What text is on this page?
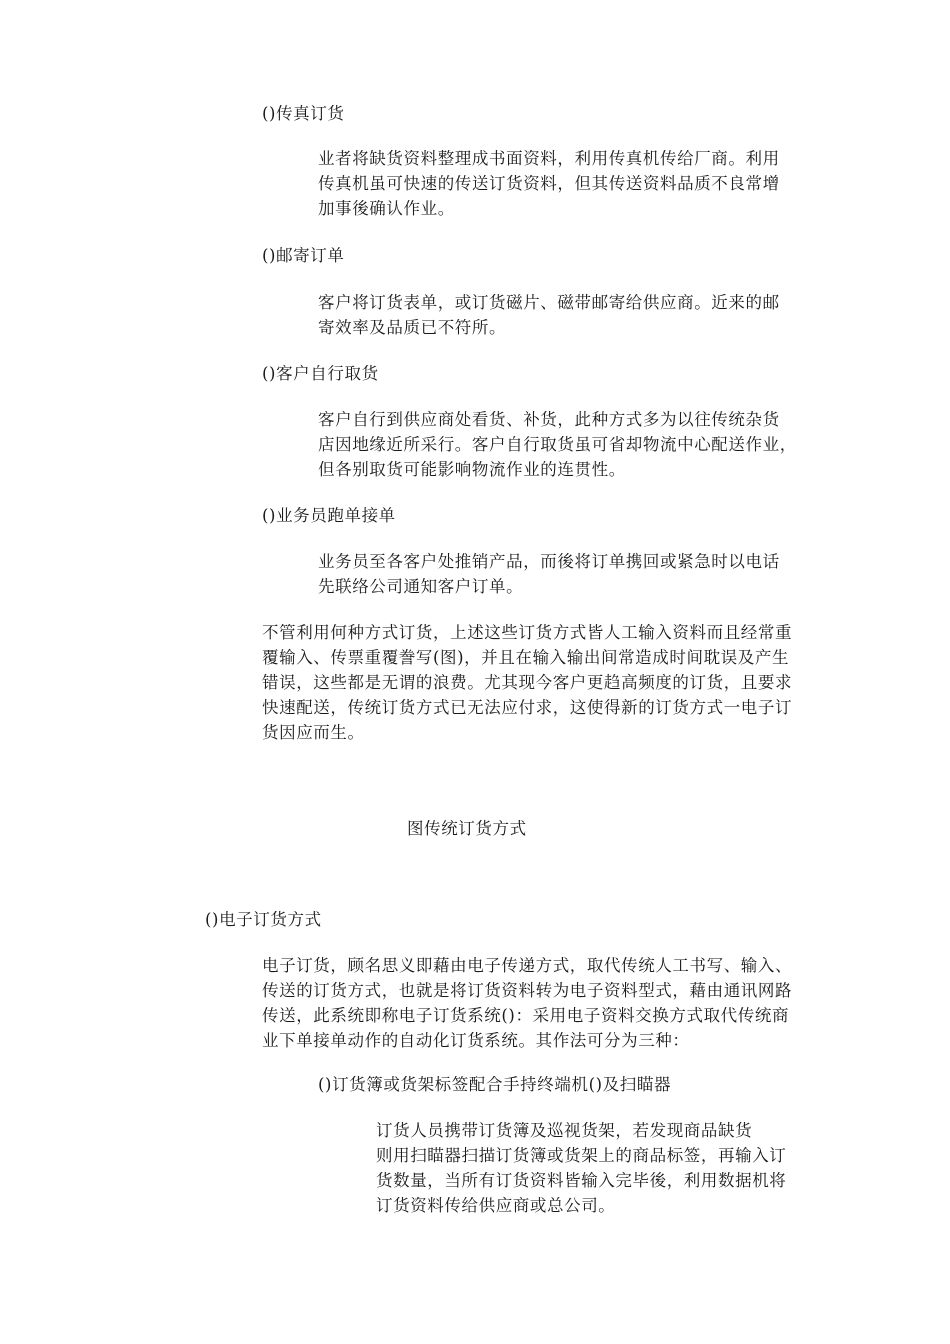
()传真订货

业者将缺货资料整理成书面资料，利用传真机传给厂商。利用
传真机虽可快速的传送订货资料，但其传送资料品质不良常增
加事後确认作业。

()邮寄订单

客户将订货表单，或订货磁片、磁带邮寄给供应商。近来的邮
寄效率及品质已不符所。

()客户自行取货

客户自行到供应商处看货、补货，此种方式多为以往传统杂货
店因地缘近所采行。客户自行取货虽可省却物流中心配送作业，
但各别取货可能影响物流作业的连贯性。

()业务员跑单接单

业务员至各客户处推销产品，而後将订单携回或紧急时以电话
先联络公司通知客户订单。

不管利用何种方式订货，上述这些订货方式皆人工输入资料而且经常重
覆输入、传票重覆誊写(图)，并且在输入输出间常造成时间耽误及产生
错误，这些都是无谓的浪费。尤其现今客户更趋高频度的订货，且要求
快速配送，传统订货方式已无法应付求，这使得新的订货方式一电子订
货因应而生。

图传统订货方式

()电子订货方式

电子订货，顾名思义即藉由电子传递方式，取代传统人工书写、输入、
传送的订货方式，也就是将订货资料转为电子资料型式，藉由通讯网路
传送，此系统即称电子订货系统()：采用电子资料交换方式取代传统商
业下单接单动作的自动化订货系统。其作法可分为三种：

()订货簿或货架标签配合手持终端机()及扫瞄器

订货人员携带订货簿及巡视货架，若发现商品缺货
则用扫瞄器扫描订货簿或货架上的商品标签，再输入订
货数量，当所有订货资料皆输入完毕後，利用数据机将
订货资料传给供应商或总公司。
